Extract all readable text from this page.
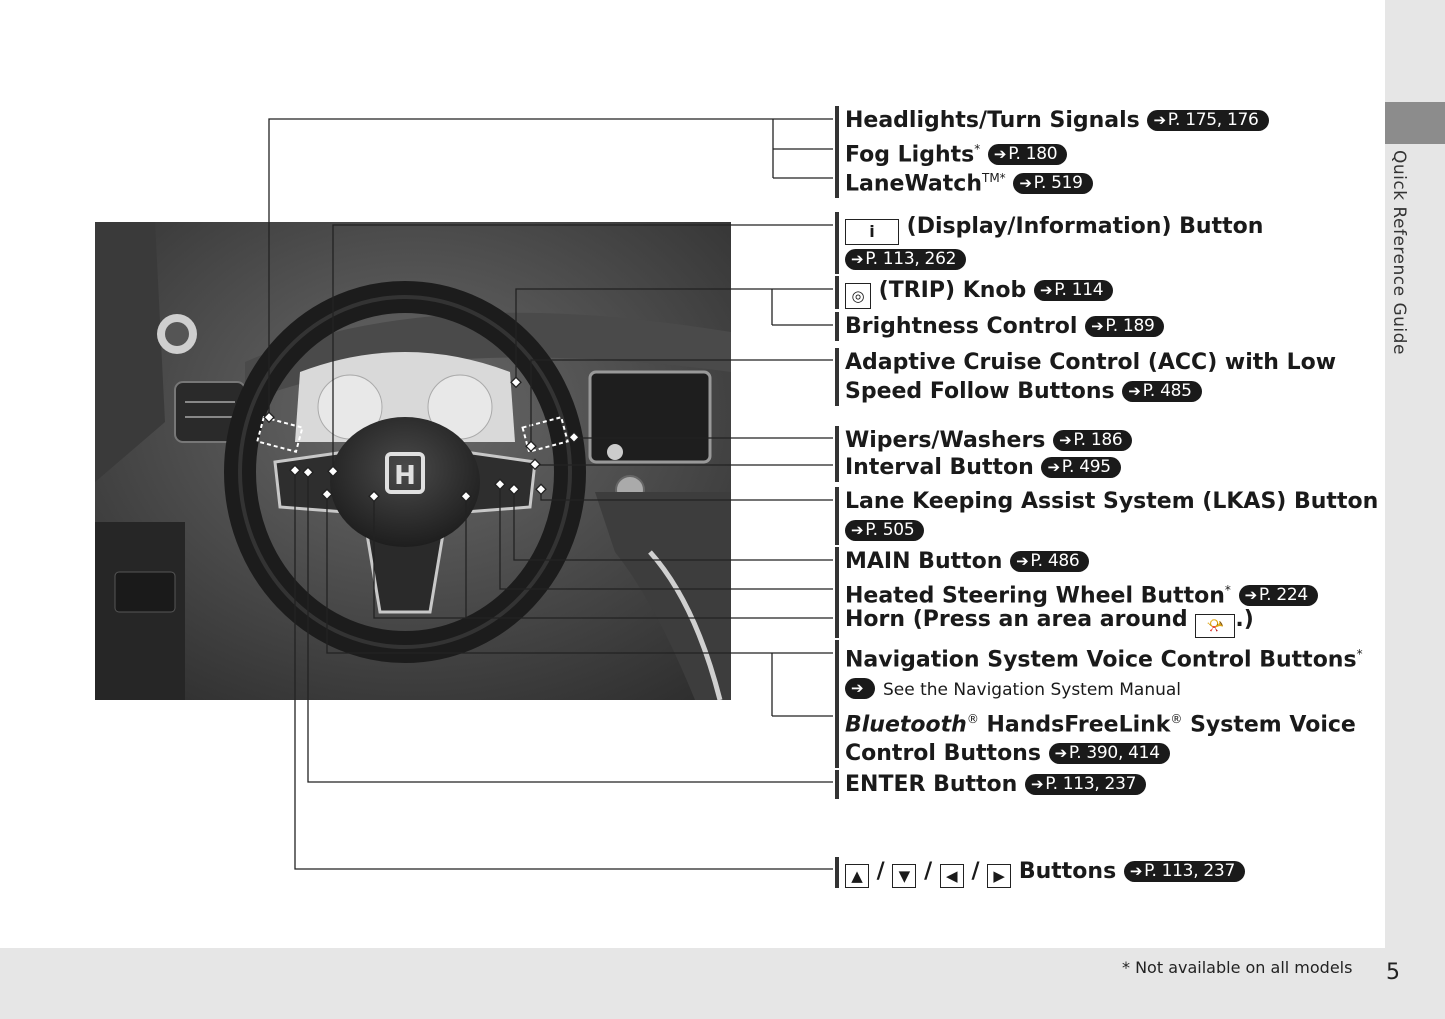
Quick Reference Guide
* Not available on all models 5
H
Headlights/Turn Signals ➔ P. 175, 176
Fog Lights* ➔ P. 180
LaneWatch$^{TM*}$ ➔ P. 519
i (Display/Information) Button
➔ P. 113, 262
◎ (TRIP) Knob ➔ P. 114
Brightness Control ➔ P. 189
Adaptive Cruise Control (ACC) with Low
Speed Follow Buttons ➔ P. 485
Wipers/Washers ➔ P. 186
Interval Button ➔ P. 495
Lane Keeping Assist System (LKAS) Button
➔ P. 505
MAIN Button ➔ P. 486
Heated Steering Wheel Button* ➔ P. 224
Horn (Press an area around 📯 .)
Navigation System Voice Control Buttons*
➔ See the Navigation System Manual
Bluetooth® HandsFreeLink® System Voice
Control Buttons ➔ P. 390, 414
ENTER Button ➔ P. 113, 237
▲ / ▼ / ◀ / ▶ Buttons ➔ P. 113, 237
